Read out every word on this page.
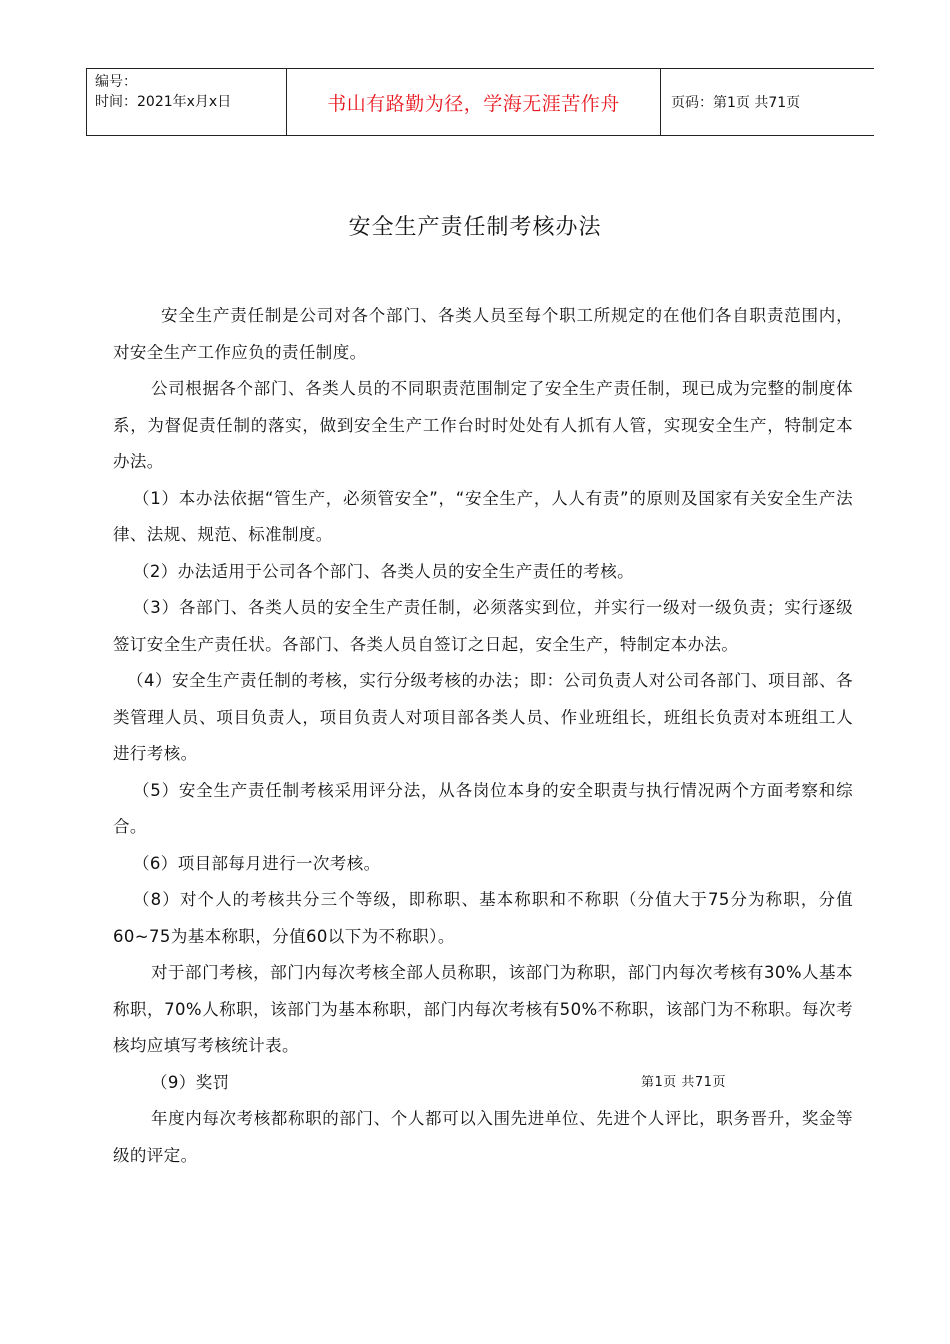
编号：
时间：2021年x月x日	书山有路勤为径，学海无涯苦作舟	页码：第1页 共71页
安全生产责任制考核办法

安全生产责任制是公司对各个部门、各类人员至每个职工所规定的在他们各自职责范围内，对安全生产工作应负的责任制度。

公司根据各个部门、各类人员的不同职责范围制定了安全生产责任制，现已成为完整的制度体系，为督促责任制的落实，做到安全生产工作台时时处处有人抓有人管，实现安全生产，特制定本办法。

（1）本办法依据“管生产，必须管安全”，“安全生产，人人有责”的原则及国家有关安全生产法律、法规、规范、标准制度。

（2）办法适用于公司各个部门、各类人员的安全生产责任的考核。

（3）各部门、各类人员的安全生产责任制，必须落实到位，并实行一级对一级负责；实行逐级签订安全生产责任状。各部门、各类人员自签订之日起，安全生产，特制定本办法。

（4）安全生产责任制的考核，实行分级考核的办法；即：公司负责人对公司各部门、项目部、各类管理人员、项目负责人，项目负责人对项目部各类人员、作业班组长，班组长负责对本班组工人进行考核。

（5）安全生产责任制考核采用评分法，从各岗位本身的安全职责与执行情况两个方面考察和综合。

（6）项目部每月进行一次考核。

（8）对个人的考核共分三个等级，即称职、基本称职和不称职（分值大于75分为称职，分值60~75为基本称职，分值60以下为不称职）。

对于部门考核，部门内每次考核全部人员称职，该部门为称职，部门内每次考核有30%人基本称职，70%人称职，该部门为基本称职，部门内每次考核有50%不称职，该部门为不称职。每次考核均应填写考核统计表。

（9）奖罚	第1页 共71页

年度内每次考核都称职的部门、个人都可以入围先进单位、先进个人评比，职务晋升，奖金等级的评定。
